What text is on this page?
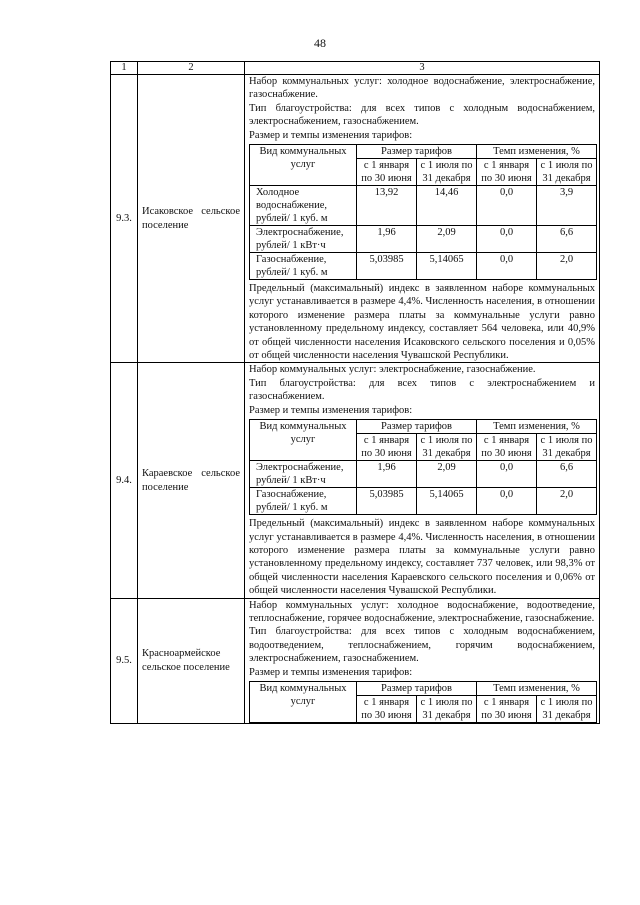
48
1	2	3
9.3.	Исаковское сельское поселение	

Набор коммунальных услуг: холодное водоснабжение, электроснабжение, газоснабжение.

Тип благоустройства: для всех типов с холодным водоснабжением, электроснабжением, газоснабжением.

Размер и темпы изменения тарифов:

Вид коммунальных услуг	Размер тарифов	Темп изменения, %
с 1 января по 30 июня	с 1 июля по 31 декабря	с 1 января по 30 июня	с 1 июля по 31 декабря
Холодное водоснабжение, рублей/ 1 куб. м	13,92	14,46	0,0	3,9
Электроснабжение, рублей/ 1 кВт·ч	1,96	2,09	0,0	6,6
Газоснабжение, рублей/ 1 куб. м	5,03985	5,14065	0,0	2,0

Предельный (максимальный) индекс в заявленном наборе коммунальных услуг устанавливается в размере 4,4%. Численность населения, в отношении которого изменение размера платы за коммунальные услуги равно установленному предельному индексу, составляет 564 человека, или 40,9% от общей численности населения Исаковского сельского поселения и 0,05% от общей численности населения Чувашской Республики.

9.4.	Караевское сельское поселение	

Набор коммунальных услуг: электроснабжение, газоснабжение.

Тип благоустройства: для всех типов с электроснабжением и газоснабжением.

Размер и темпы изменения тарифов:

Вид коммунальных услуг	Размер тарифов	Темп изменения, %
с 1 января по 30 июня	с 1 июля по 31 декабря	с 1 января по 30 июня	с 1 июля по 31 декабря
Электроснабжение, рублей/ 1 кВт·ч	1,96	2,09	0,0	6,6
Газоснабжение, рублей/ 1 куб. м	5,03985	5,14065	0,0	2,0

Предельный (максимальный) индекс в заявленном наборе коммунальных услуг устанавливается в размере 4,4%. Численность населения, в отношении которого изменение размера платы за коммунальные услуги равно установленному предельному индексу, составляет 737 человек, или 98,3% от общей численности населения Караевского сельского поселения и 0,06% от общей численности населения Чувашской Республики.

9.5.	Красноармейское сельское поселение	

Набор коммунальных услуг: холодное водоснабжение, водоотведение, теплоснабжение, горячее водоснабжение, электроснабжение, газоснабжение.

Тип благоустройства: для всех типов с холодным водоснабжением, водоотведением, теплоснабжением, горячим водоснабжением, электроснабжением, газоснабжением.

Размер и темпы изменения тарифов:

Вид коммунальных услуг	Размер тарифов	Темп изменения, %
с 1 января по 30 июня	с 1 июля по 31 декабря	с 1 января по 30 июня	с 1 июля по 31 декабря
